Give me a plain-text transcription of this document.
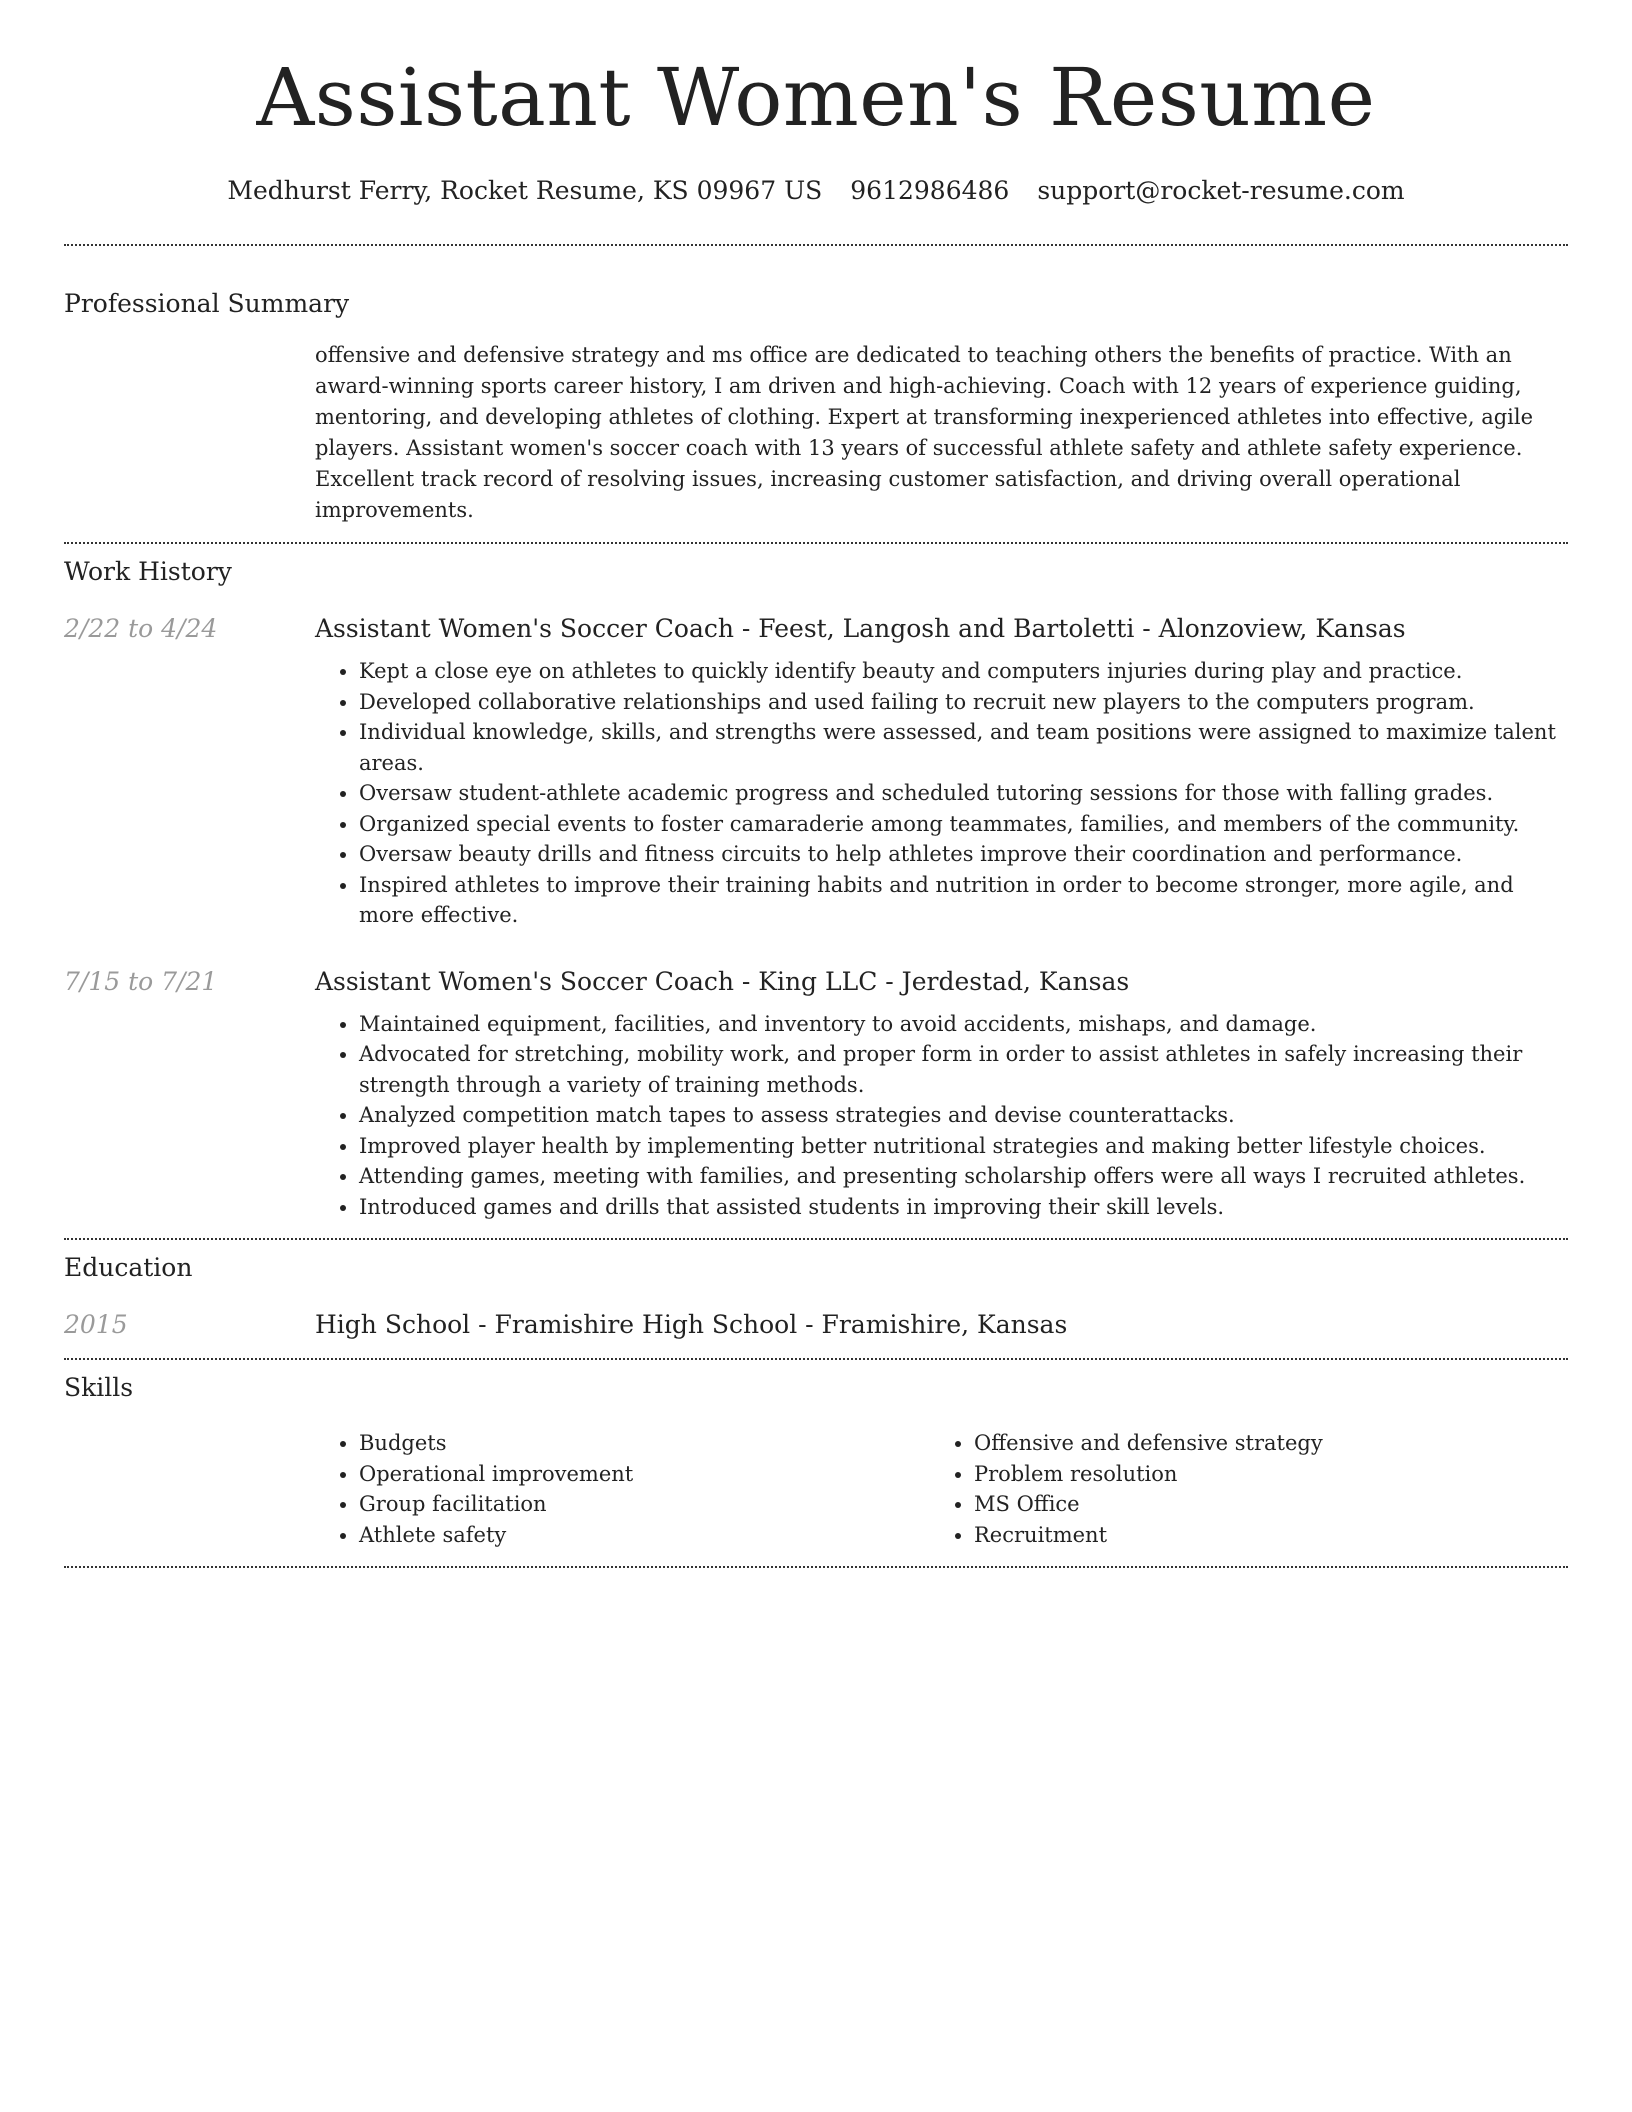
Assistant Women's Resume
Medhurst Ferry, Rocket Resume, KS 09967 US 9612986486 support@rocket-resume.com
Professional Summary

offensive and defensive strategy and ms office are dedicated to teaching others the benefits of practice. With an award-winning sports career history, I am driven and high-achieving. Coach with 12 years of experience guiding, mentoring, and developing athletes of clothing. Expert at transforming inexperienced athletes into effective, agile players. Assistant women's soccer coach with 13 years of successful athlete safety and athlete safety experience. Excellent track record of resolving issues, increasing customer satisfaction, and driving overall operational improvements.

Work History
2/22 to 4/24	Assistant Women's Soccer Coach - Feest, Langosh and Bartoletti - Alonzoview, Kansas
• Kept a close eye on athletes to quickly identify beauty and computers injuries during play and practice.
• Developed collaborative relationships and used failing to recruit new players to the computers program.
• Individual knowledge, skills, and strengths were assessed, and team positions were assigned to maximize talent areas.
• Oversaw student-athlete academic progress and scheduled tutoring sessions for those with falling grades.
• Organized special events to foster camaraderie among teammates, families, and members of the community.
• Oversaw beauty drills and fitness circuits to help athletes improve their coordination and performance.
• Inspired athletes to improve their training habits and nutrition in order to become stronger, more agile, and more effective.
7/15 to 7/21	Assistant Women's Soccer Coach - King LLC - Jerdestad, Kansas
• Maintained equipment, facilities, and inventory to avoid accidents, mishaps, and damage.
• Advocated for stretching, mobility work, and proper form in order to assist athletes in safely increasing their strength through a variety of training methods.
• Analyzed competition match tapes to assess strategies and devise counterattacks.
• Improved player health by implementing better nutritional strategies and making better lifestyle choices.
• Attending games, meeting with families, and presenting scholarship offers were all ways I recruited athletes.
• Introduced games and drills that assisted students in improving their skill levels.
Education
2015	High School - Framishire High School - Framishire, Kansas
Skills
• Budgets
• Operational improvement
• Group facilitation
• Athlete safety
• Offensive and defensive strategy
• Problem resolution
• MS Office
• Recruitment
